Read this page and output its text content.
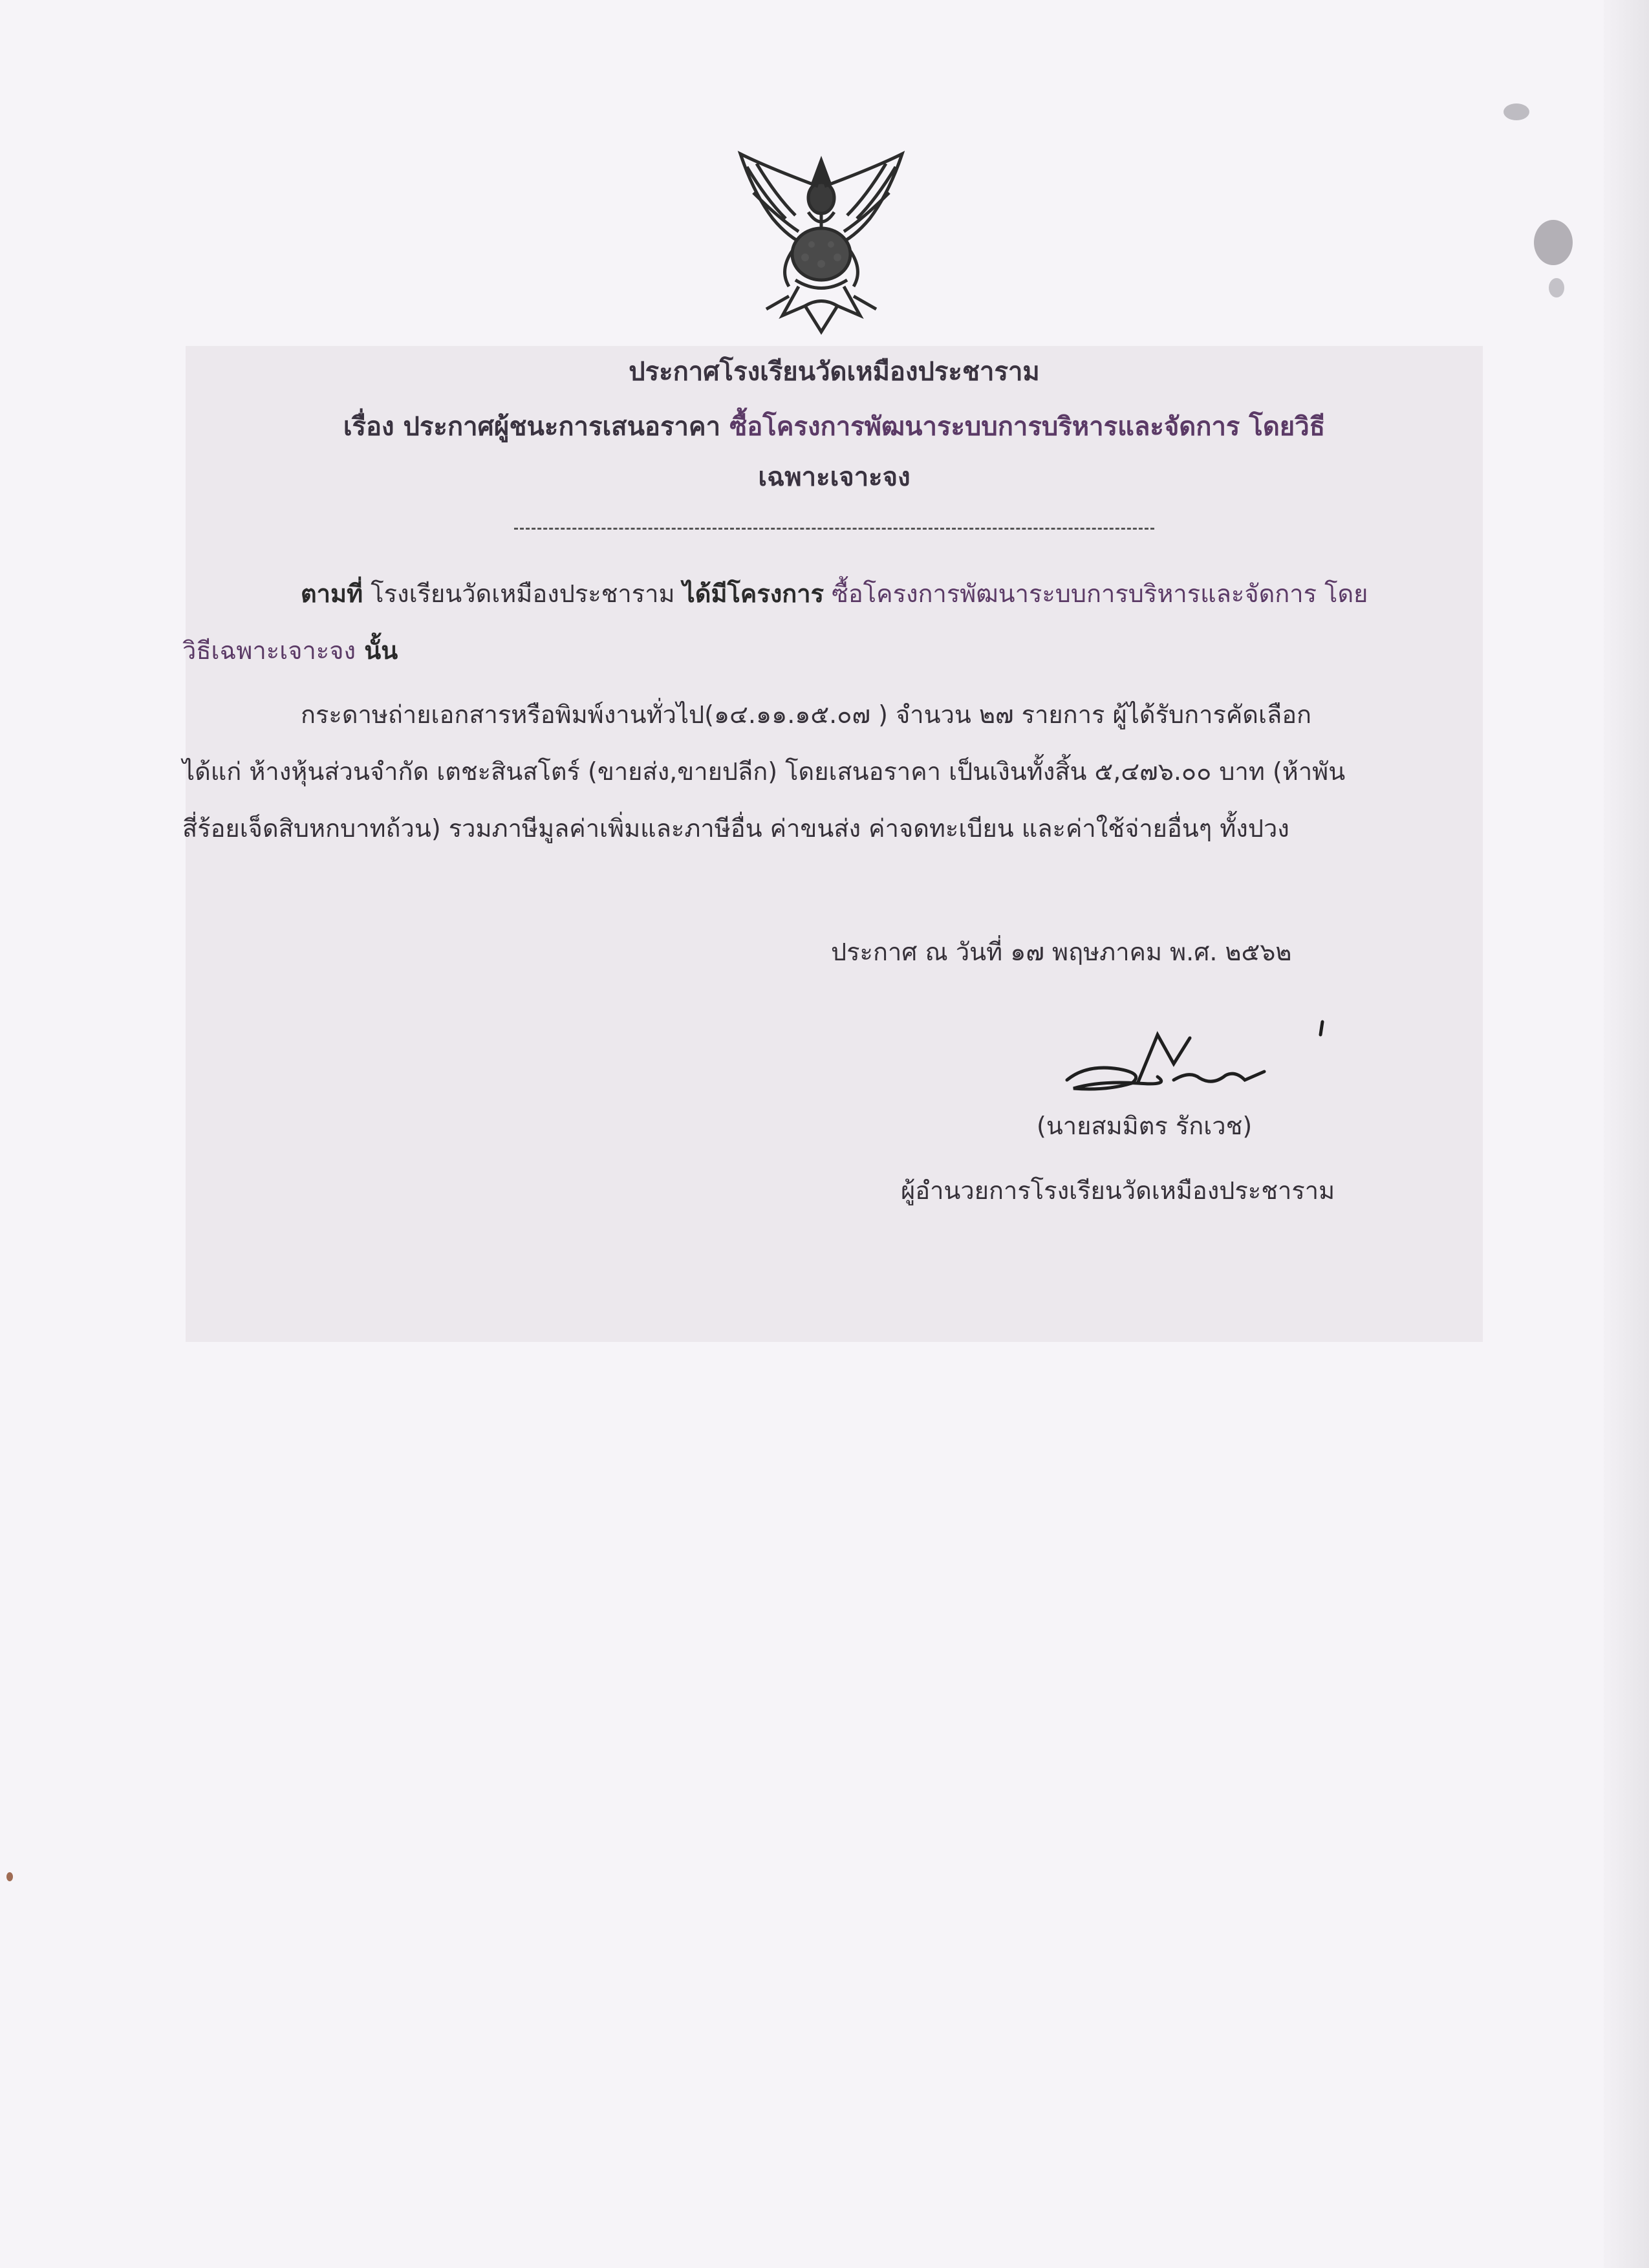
ประกาศโรงเรียนวัดเหมืองประชาราม
เรื่อง ประกาศผู้ชนะการเสนอราคา ซื้อโครงการพัฒนาระบบการบริหารและจัดการ โดยวิธี
เฉพาะเจาะจง
ตามที่ โรงเรียนวัดเหมืองประชาราม ได้มีโครงการ ซื้อโครงการพัฒนาระบบการบริหารและจัดการ โดย
วิธีเฉพาะเจาะจง นั้น
กระดาษถ่ายเอกสารหรือพิมพ์งานทั่วไป(๑๔.๑๑.๑๕.๐๗ ) จำนวน ๒๗ รายการ ผู้ได้รับการคัดเลือก
ได้แก่ ห้างหุ้นส่วนจำกัด เตชะสินสโตร์ (ขายส่ง,ขายปลีก) โดยเสนอราคา เป็นเงินทั้งสิ้น ๕,๔๗๖.๐๐ บาท (ห้าพัน
สี่ร้อยเจ็ดสิบหกบาทถ้วน) รวมภาษีมูลค่าเพิ่มและภาษีอื่น ค่าขนส่ง ค่าจดทะเบียน และค่าใช้จ่ายอื่นๆ ทั้งปวง
ประกาศ ณ วันที่ ๑๗ พฤษภาคม พ.ศ. ๒๕๖๒
(นายสมมิตร รักเวช)
ผู้อำนวยการโรงเรียนวัดเหมืองประชาราม
